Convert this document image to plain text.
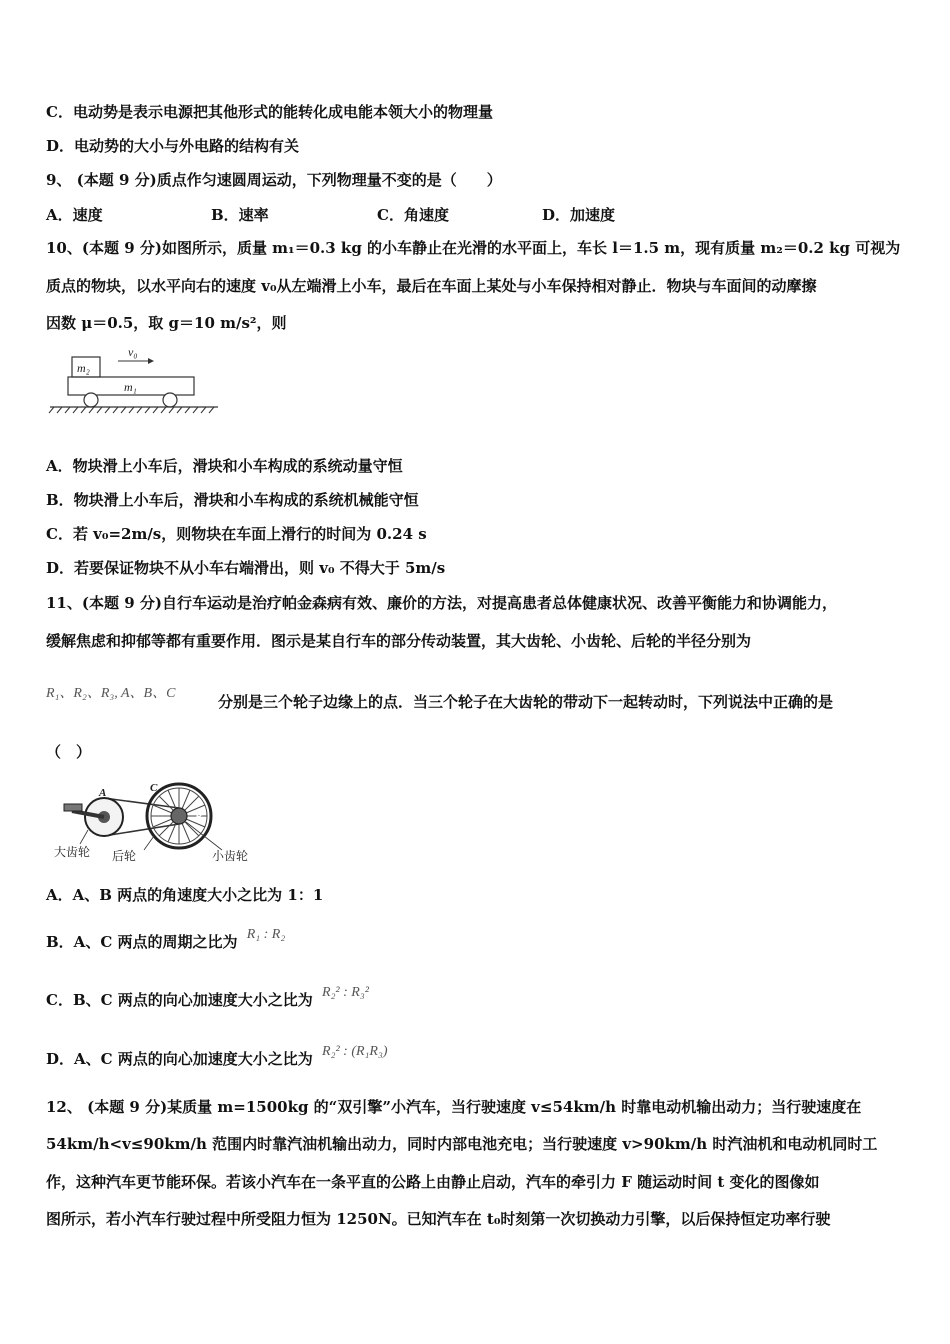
C．电动势是表示电源把其他形式的能转化成电能本领大小的物理量
D．电动势的大小与外电路的结构有关
9、 (本题 9 分)质点作匀速圆周运动，下列物理量不变的是（　　）
A．速度	B．速率	C．角速度	D．加速度
10、(本题 9 分)如图所示，质量 m₁＝0.3 kg 的小车静止在光滑的水平面上，车长 l＝1.5 m，现有质量 m₂＝0.2 kg 可视为
质点的物块，以水平向右的速度 v₀从左端滑上小车，最后在车面上某处与小车保持相对静止．物块与车面间的动摩擦
因数 μ＝0.5，取 g＝10 m/s²，则
m₂
v₀
m₁
A．物块滑上小车后，滑块和小车构成的系统动量守恒
B．物块滑上小车后，滑块和小车构成的系统机械能守恒
C．若 v₀=2m/s，则物块在车面上滑行的时间为 0.24 s
D．若要保证物块不从小车右端滑出，则 v₀ 不得大于 5m/s
11、(本题 9 分)自行车运动是治疗帕金森病有效、廉价的方法，对提高患者总体健康状况、改善平衡能力和协调能力，
缓解焦虑和抑郁等都有重要作用．图示是某自行车的部分传动装置，其大齿轮、小齿轮、后轮的半径分别为
R₁、R₂、R₃, A、B、C	分别是三个轮子边缘上的点．当三个轮子在大齿轮的带动下一起转动时，下列说法中正确的是
（　）
A	C
B
大齿轮 后轮	小齿轮
A．A、B 两点的角速度大小之比为 1：1
B．A、C 两点的周期之比为 R₁ : R₂
C．B、C 两点的向心加速度大小之比为 R₂² : R₃²
D．A、C 两点的向心加速度大小之比为 R₂² : (R₁R₃)
12、 (本题 9 分)某质量 m=1500kg 的“双引擎”小汽车，当行驶速度 v≤54km/h 时靠电动机输出动力；当行驶速度在
54km/h<v≤90km/h 范围内时靠汽油机输出动力，同时内部电池充电；当行驶速度 v>90km/h 时汽油机和电动机同时工
作，这种汽车更节能环保。若该小汽车在一条平直的公路上由静止启动，汽车的牵引力 F 随运动时间 t 变化的图像如
图所示，若小汽车行驶过程中所受阻力恒为 1250N。已知汽车在 t₀时刻第一次切换动力引擎，以后保持恒定功率行驶
